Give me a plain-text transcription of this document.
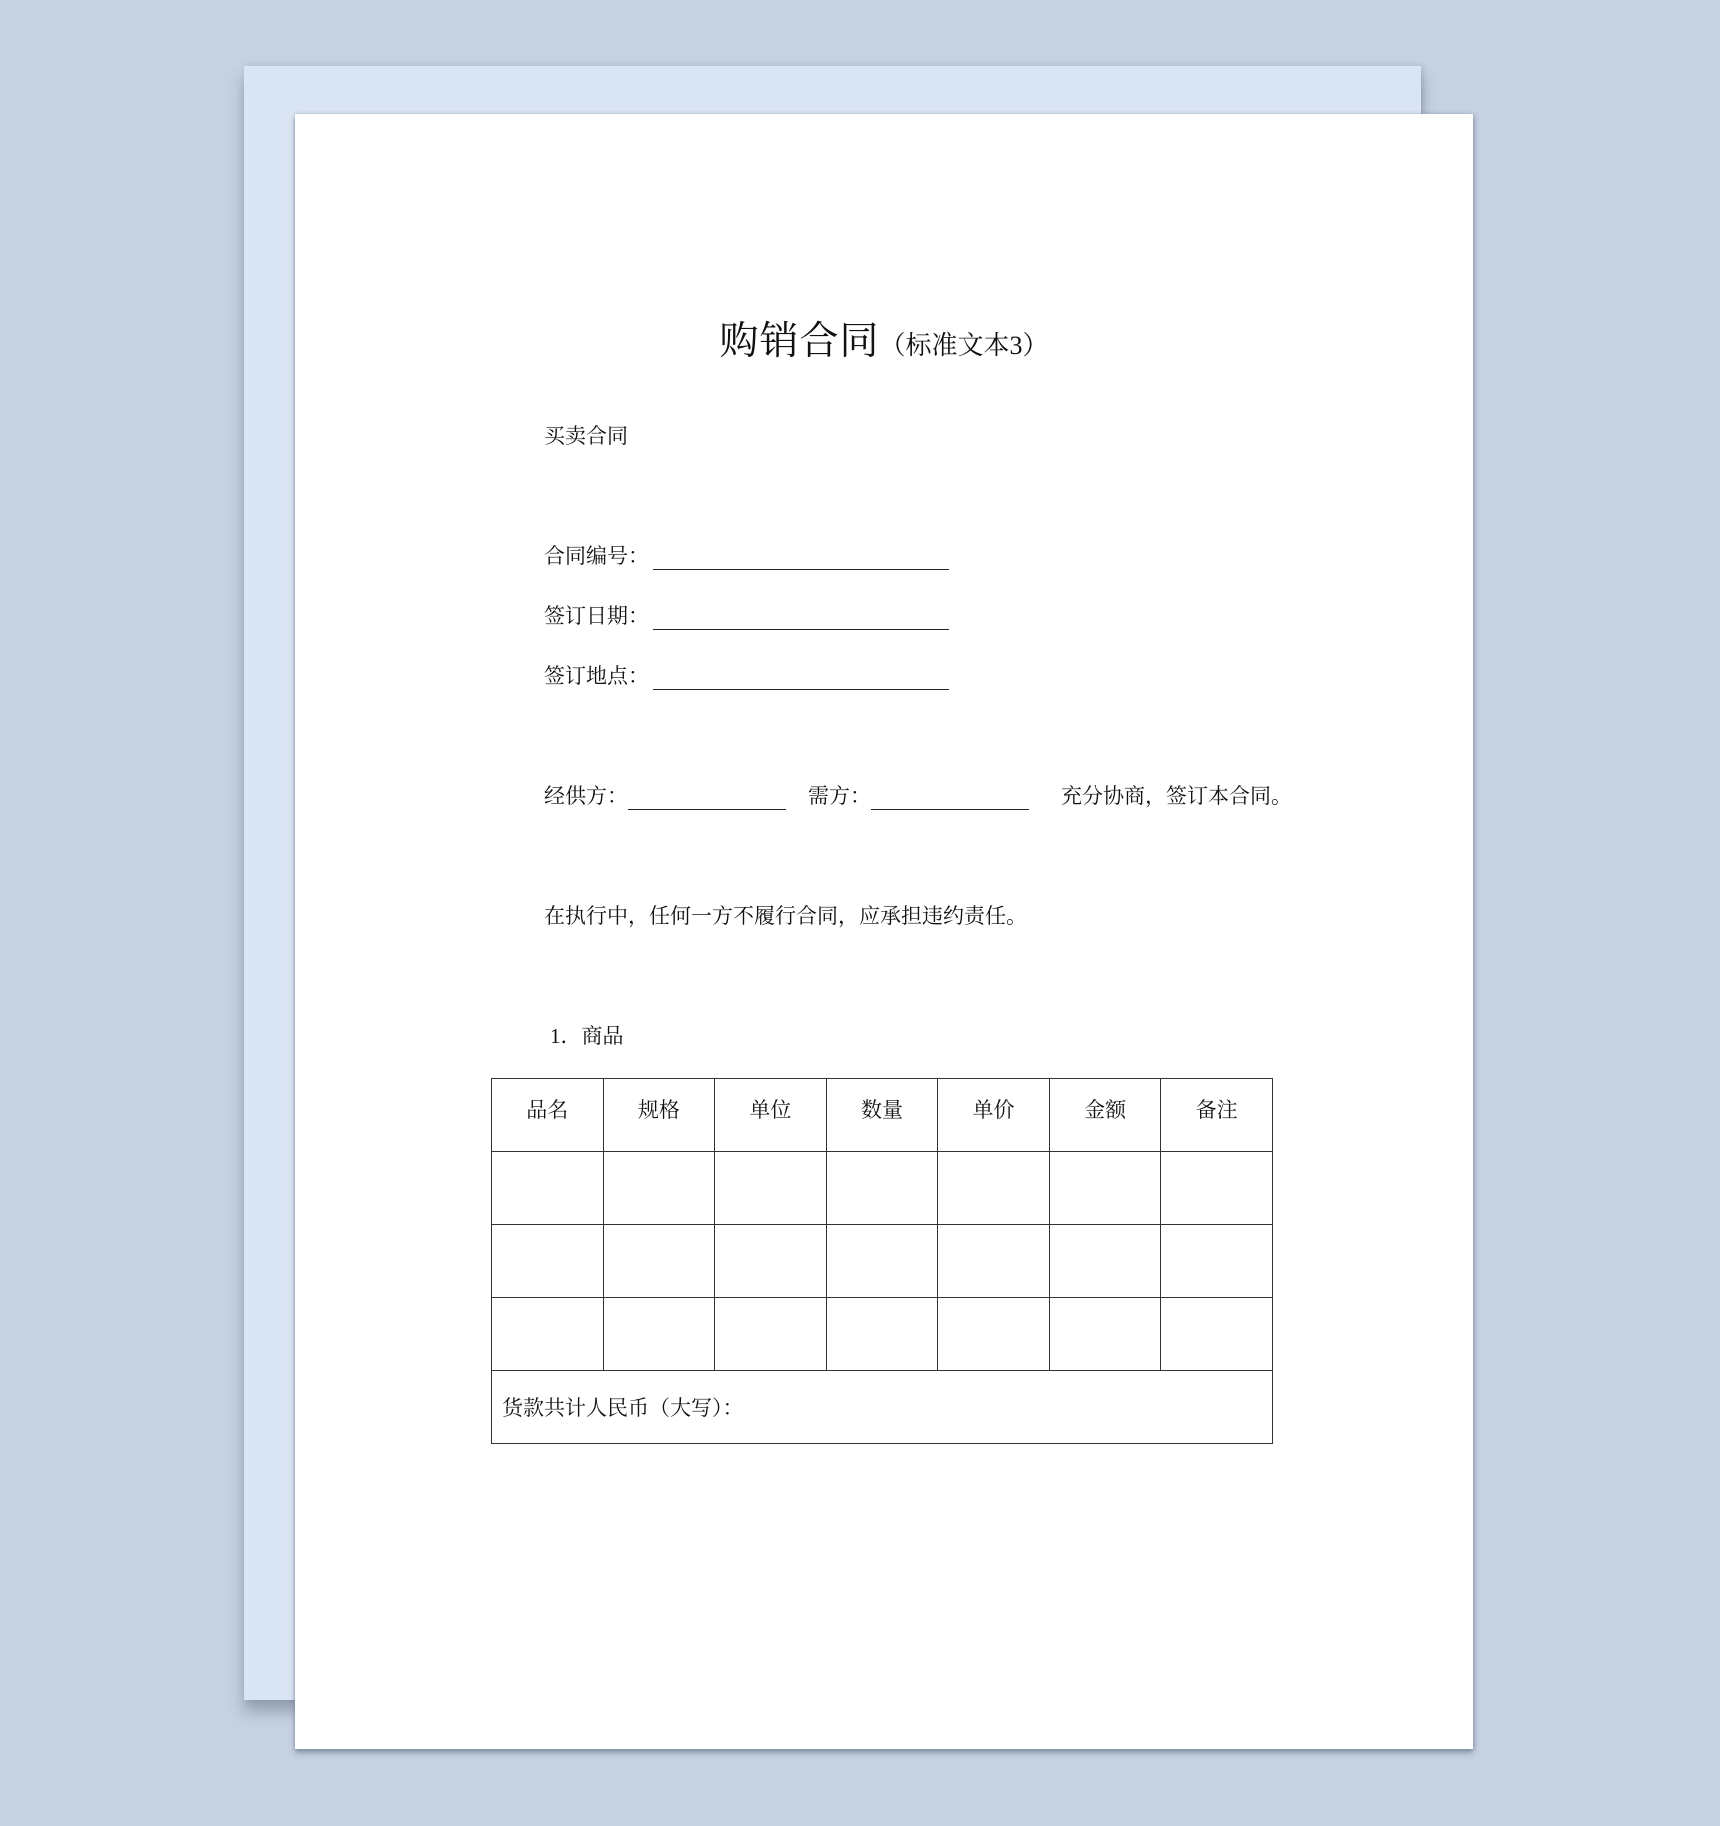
购销合同（标准文本3）
买卖合同
合同编号：
签订日期：
签订地点：
经供方：	需方：	充分协商，签订本合同。
在执行中，任何一方不履行合同，应承担违约责任。
1．商品
品名	规格	单位	数量	单价	金额	备注

货款共计人民币（大写）：						
